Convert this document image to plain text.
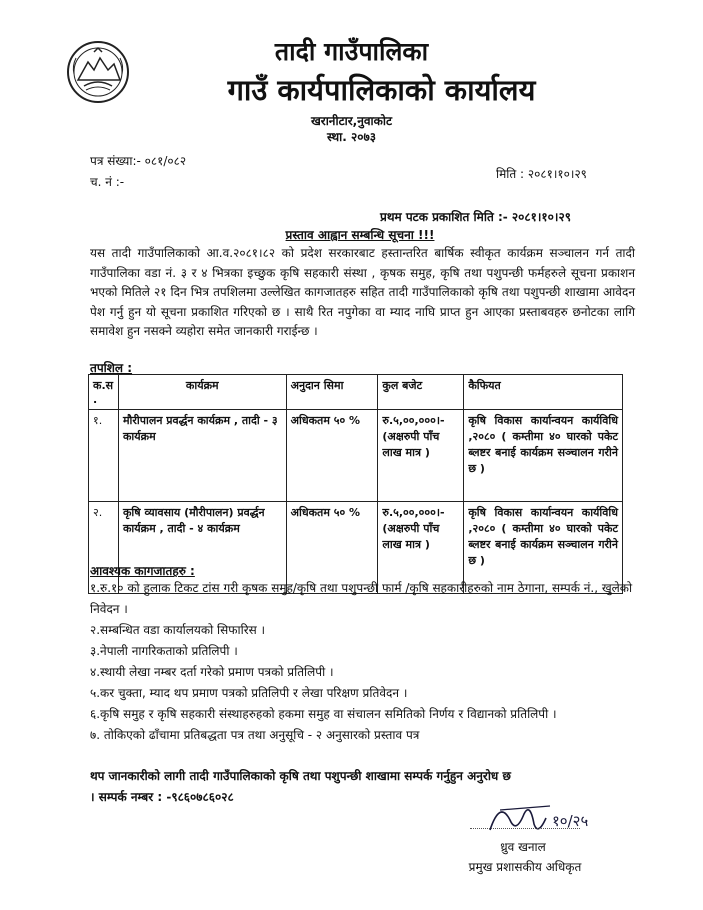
तादी गाउँपालिका
गाउँ कार्यपालिकाको कार्यालय
खरानीटार,नुवाकोट
स्था. २०७३
पत्र संख्या:- ०८१/०८२
च. नं :-
मिति : २०८१।१०।२९
प्रथम पटक प्रकाशित मिति :- २०८१।१०।२९
प्रस्ताव आह्वान सम्बन्धि सूचना !!!
यस तादी गाउँपालिकाको आ.व.२०८१।८२ को प्रदेश सरकारबाट हस्तान्तरित बार्षिक स्वीकृत कार्यक्रम सञ्चालन गर्न तादी गाउँपालिका वडा नं. ३ र ४ भित्रका इच्छुक कृषि सहकारी संस्था , कृषक समुह, कृषि तथा पशुपन्छी फर्महरुले सूचना प्रकाशन भएको मितिले २१ दिन भित्र तपशिलमा उल्लेखित कागजातहरु सहित तादी गाउँपालिकाको कृषि तथा पशुपन्छी शाखामा आवेदन पेश गर्नु हुन यो सूचना प्रकाशित गरिएको छ । साथै रित नपुगेका वा म्याद नाघि प्राप्त हुन आएका प्रस्ताबवहरु छनोटका लागि समावेश हुन नसक्ने व्यहोरा समेत जानकारी गराईन्छ ।
तपशिल :
क.स .	कार्यक्रम	अनुदान सिमा	कुल बजेट	कैफियत
१.	मौरीपालन प्रवर्द्धन कार्यक्रम , तादी - ३ कार्यक्रम	अधिकतम ५० %	रु.५,००,०००।- (अक्षरुपी पाँच लाख मात्र )	कृषि विकास कार्यान्वयन कार्यविधि ,२०८० ( कम्तीमा ४० घारको पकेट ब्लष्टर बनाई कार्यक्रम सञ्चालन गरीने छ )
२.	कृषि व्यावसाय (मौरीपालन) प्रवर्द्धन कार्यक्रम , तादी - ४ कार्यक्रम	अधिकतम ५० %	रु.५,००,०००।- (अक्षरुपी पाँच लाख मात्र )	कृषि विकास कार्यान्वयन कार्यविधि ,२०८० ( कम्तीमा ४० घारको पकेट ब्लष्टर बनाई कार्यक्रम सञ्चालन गरीने छ )
आवश्यक कागजातहरु :
१.रु.१० को हुलाक टिकट टांस गरी कृषक समुह/कृषि तथा पशुपन्छी फार्म /कृषि सहकारीहरुको नाम ठेगाना, सम्पर्क नं., खुलेको निवेदन ।
२.सम्बन्धित वडा कार्यालयको सिफारिस ।
३.नेपाली नागरिकताको प्रतिलिपी ।
४.स्थायी लेखा नम्बर दर्ता गरेको प्रमाण पत्रको प्रतिलिपी ।
५.कर चुक्ता, म्याद थप प्रमाण पत्रको प्रतिलिपी र लेखा परिक्षण प्रतिवेदन ।
६.कृषि समुह र कृषि सहकारी संस्थाहरुहको हकमा समुह वा संचालन समितिको निर्णय र विद्यानको प्रतिलिपी ।
७. तोकिएको ढाँचामा प्रतिबद्धता पत्र तथा अनुसूचि - २ अनुसारको प्रस्ताव पत्र
थप जानकारीको लागी तादी गाउँपालिकाको कृषि तथा पशुपन्छी शाखामा सम्पर्क गर्नुहुन अनुरोध छ
। सम्पर्क नम्बर : -९८६०७८६०२८
१०/२५
ध्रुव खनाल
प्रमुख प्रशासकीय अधिकृत
